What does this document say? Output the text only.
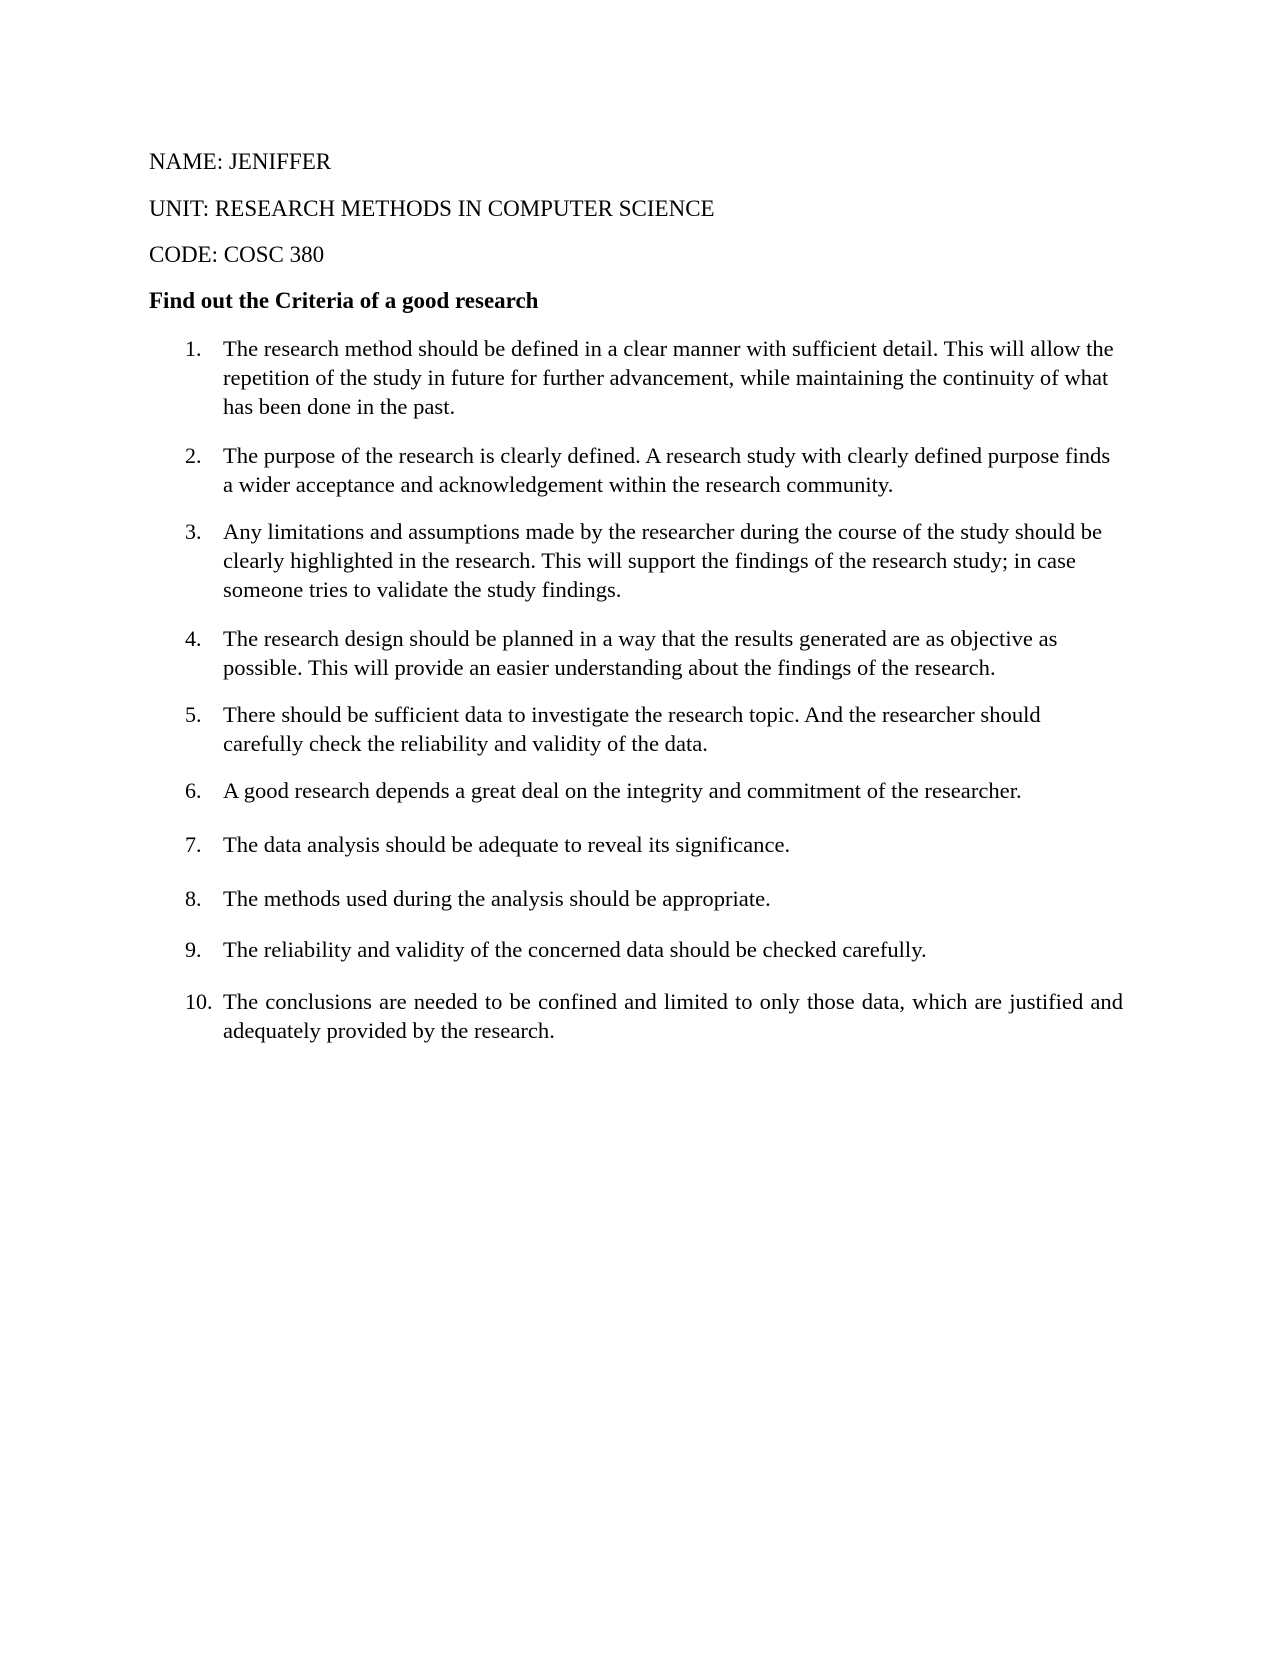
NAME: JENIFFER
UNIT: RESEARCH METHODS IN COMPUTER SCIENCE
CODE: COSC 380
Find out the Criteria of a good research
1. The research method should be defined in a clear manner with sufficient detail. This will allow the repetition of the study in future for further advancement, while maintaining the continuity of what has been done in the past.
2. The purpose of the research is clearly defined. A research study with clearly defined purpose finds a wider acceptance and acknowledgement within the research community.
3. Any limitations and assumptions made by the researcher during the course of the study should be clearly highlighted in the research. This will support the findings of the research study; in case someone tries to validate the study findings.
4. The research design should be planned in a way that the results generated are as objective as possible. This will provide an easier understanding about the findings of the research.
5. There should be sufficient data to investigate the research topic. And the researcher should carefully check the reliability and validity of the data.
6. A good research depends a great deal on the integrity and commitment of the researcher.
7. The data analysis should be adequate to reveal its significance.
8. The methods used during the analysis should be appropriate.
9. The reliability and validity of the concerned data should be checked carefully.
10. The conclusions are needed to be confined and limited to only those data, which are justified and adequately provided by the research.
